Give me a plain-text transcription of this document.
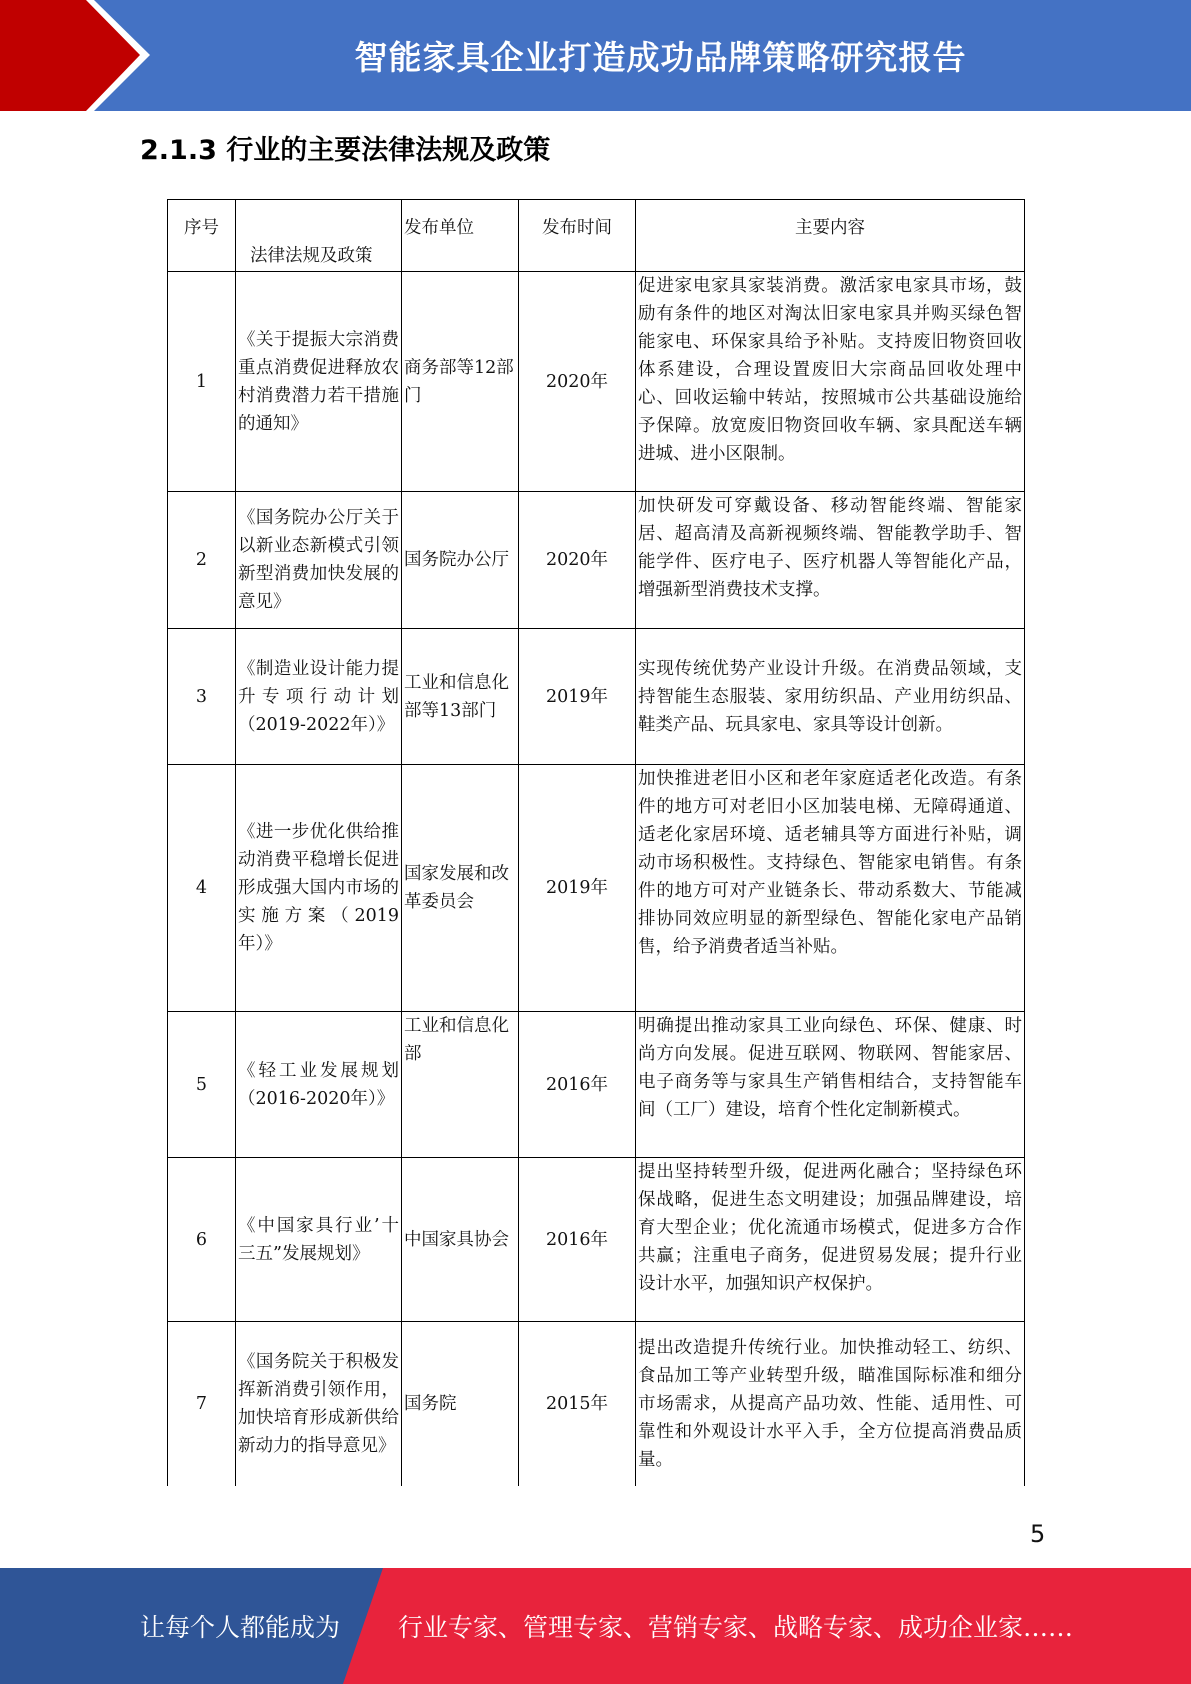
智能家具企业打造成功品牌策略研究报告
2.1.3 行业的主要法律法规及政策
序号	法律法规及政策	发布单位	发布时间	主要内容
1	《关于提振大宗消费重点消费促进释放农村消费潜力若干措施的通知》	商务部等12部门	2020年	促进家电家具家装消费。激活家电家具市场，鼓励有条件的地区对淘汰旧家电家具并购买绿色智能家电、环保家具给予补贴。支持废旧物资回收体系建设，合理设置废旧大宗商品回收处理中心、回收运输中转站，按照城市公共基础设施给予保障。放宽废旧物资回收车辆、家具配送车辆进城、进小区限制。
2	《国务院办公厅关于以新业态新模式引领新型消费加快发展的意见》	国务院办公厅	2020年	加快研发可穿戴设备、移动智能终端、智能家居、超高清及高新视频终端、智能教学助手、智能学件、医疗电子、医疗机器人等智能化产品，增强新型消费技术支撑。
3	《制造业设计能力提升专项行动计划（2019-2022年）》	工业和信息化部等13部门	2019年	实现传统优势产业设计升级。在消费品领域，支持智能生态服装、家用纺织品、产业用纺织品、鞋类产品、玩具家电、家具等设计创新。
4	《进一步优化供给推动消费平稳增长促进形成强大国内市场的实施方案（2019年）》	国家发展和改革委员会	2019年	加快推进老旧小区和老年家庭适老化改造。有条件的地方可对老旧小区加装电梯、无障碍通道、适老化家居环境、适老辅具等方面进行补贴，调动市场积极性。支持绿色、智能家电销售。有条件的地方可对产业链条长、带动系数大、节能减排协同效应明显的新型绿色、智能化家电产品销售，给予消费者适当补贴。
5	《轻工业发展规划（2016-2020年）》	工业和信息化部	2016年	明确提出推动家具工业向绿色、环保、健康、时尚方向发展。促进互联网、物联网、智能家居、电子商务等与家具生产销售相结合，支持智能车间（工厂）建设，培育个性化定制新模式。
6	《中国家具行业’十三五”发展规划》	中国家具协会	2016年	提出坚持转型升级，促进两化融合；坚持绿色环保战略，促进生态文明建设；加强品牌建设，培育大型企业；优化流通市场模式，促进多方合作共赢；注重电子商务，促进贸易发展；提升行业设计水平，加强知识产权保护。
7	《国务院关于积极发挥新消费引领作用，加快培育形成新供给新动力的指导意见》	国务院	2015年	提出改造提升传统行业。加快推动轻工、纺织、食品加工等产业转型升级，瞄准国际标准和细分市场需求，从提高产品功效、性能、适用性、可靠性和外观设计水平入手，全方位提高消费品质量。
5
让每个人都能成为 行业专家、管理专家、营销专家、战略专家、成功企业家……
